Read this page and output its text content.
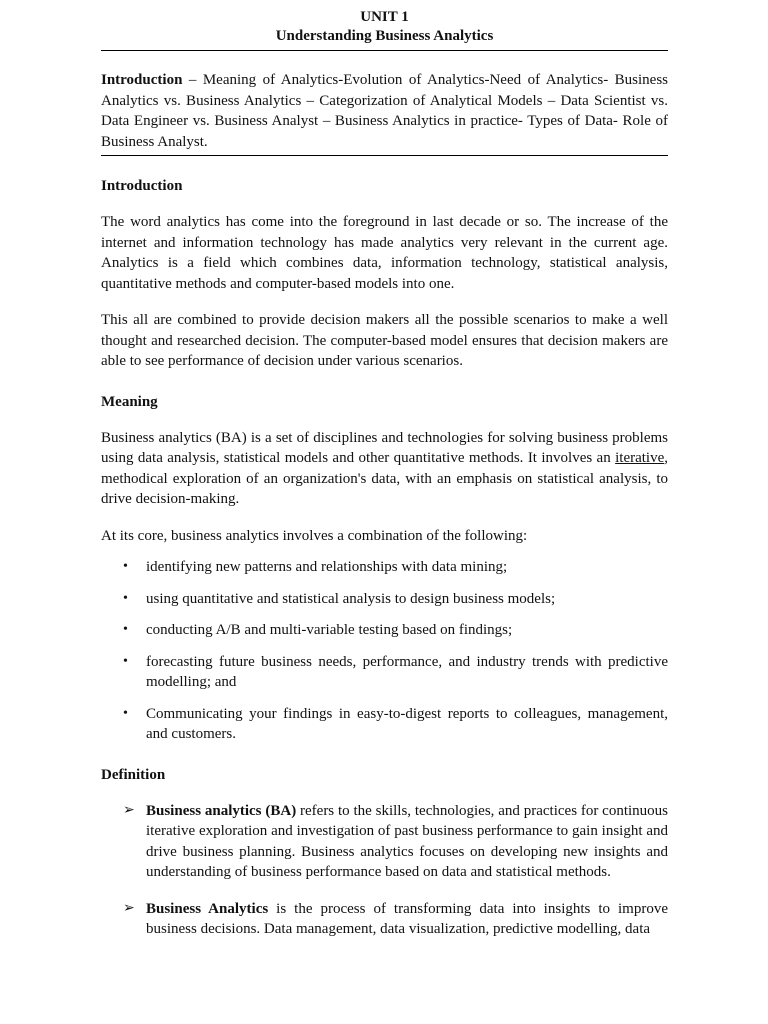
UNIT 1
Understanding Business Analytics
Introduction – Meaning of Analytics-Evolution of Analytics-Need of Analytics- Business Analytics vs. Business Analytics – Categorization of Analytical Models – Data Scientist vs. Data Engineer vs. Business Analyst – Business Analytics in practice- Types of Data- Role of Business Analyst.
Introduction

The word analytics has come into the foreground in last decade or so. The increase of the internet and information technology has made analytics very relevant in the current age. Analytics is a field which combines data, information technology, statistical analysis, quantitative methods and computer-based models into one.

This all are combined to provide decision makers all the possible scenarios to make a well thought and researched decision. The computer-based model ensures that decision makers are able to see performance of decision under various scenarios.

Meaning

Business analytics (BA) is a set of disciplines and technologies for solving business problems using data analysis, statistical models and other quantitative methods. It involves an iterative, methodical exploration of an organization's data, with an emphasis on statistical analysis, to drive decision-making.

At its core, business analytics involves a combination of the following:

• identifying new patterns and relationships with data mining;
• using quantitative and statistical analysis to design business models;
• conducting A/B and multi-variable testing based on findings;
• forecasting future business needs, performance, and industry trends with predictive modelling; and
• Communicating your findings in easy-to-digest reports to colleagues, management, and customers.
Definition
➢ Business analytics (BA) refers to the skills, technologies, and practices for continuous iterative exploration and investigation of past business performance to gain insight and drive business planning. Business analytics focuses on developing new insights and understanding of business performance based on data and statistical methods.
➢ Business Analytics is the process of transforming data into insights to improve business decisions. Data management, data visualization, predictive modelling, data
